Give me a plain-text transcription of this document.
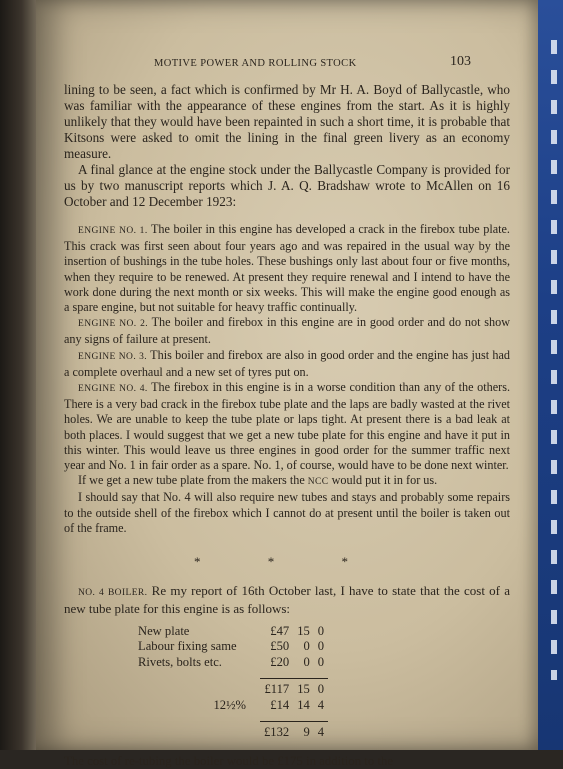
MOTIVE POWER AND ROLLING STOCK	103

lining to be seen, a fact which is confirmed by Mr H. A. Boyd of Ballycastle, who was familiar with the appearance of these engines from the start. As it is highly unlikely that they would have been repainted in such a short time, it is probable that Kitsons were asked to omit the lining in the final green livery as an economy measure.

A final glance at the engine stock under the Ballycastle Company is provided for us by two manuscript reports which J. A. Q. Bradshaw wrote to McAllen on 16 October and 12 December 1923:

ENGINE NO. 1. The boiler in this engine has developed a crack in the firebox tube plate. This crack was first seen about four years ago and was repaired in the usual way by the insertion of bushings in the tube holes. These bushings only last about four or five months, when they require to be renewed. At present they require renewal and I intend to have the work done during the next month or six weeks. This will make the engine good enough as a spare engine, but not suitable for heavy traffic continually.

ENGINE NO. 2. The boiler and firebox in this engine are in good order and do not show any signs of failure at present.

ENGINE NO. 3. This boiler and firebox are also in good order and the engine has just had a complete overhaul and a new set of tyres put on.

ENGINE NO. 4. The firebox in this engine is in a worse condition than any of the others. There is a very bad crack in the firebox tube plate and the laps are badly wasted at the rivet holes. We are unable to keep the tube plate or laps tight. At present there is a bad leak at both places. I would suggest that we get a new tube plate for this engine and have it put in this winter. This would leave us three engines in good order for the summer traffic next year and No. 1 in fair order as a spare. No. 1, of course, would have to be done next winter.

If we get a new tube plate from the makers the NCC would put it in for us.

I should say that No. 4 will also require new tubes and stays and probably some repairs to the outside shell of the firebox which I cannot do at present until the boiler is taken out of the frame.

* * *

NO. 4 BOILER. Re my report of 16th October last, I have to state that the cost of a new tube plate for this engine is as follows:

New plate	£47	15	0
Labour fixing same	£50	0	0
Rivets, bolts etc.	£20	0	0

	£117	15	0
12½%	£14	14	4

	£132	9	4

The cost of re-tubing the boiler would be £175 in addition to the
